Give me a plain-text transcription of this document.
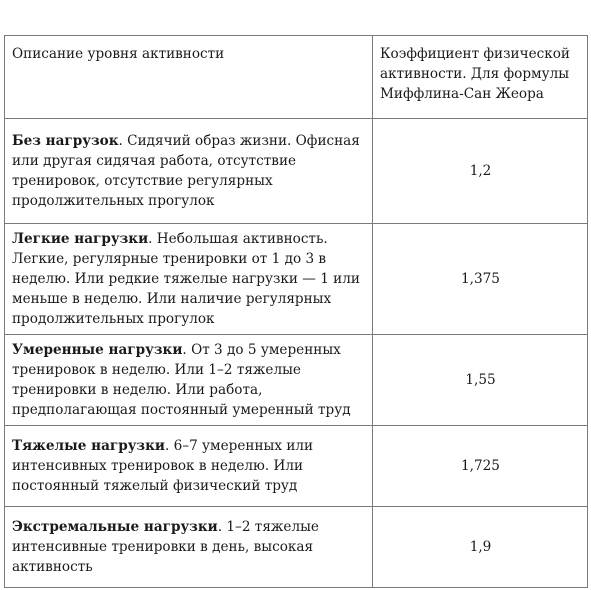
Описание уровня активности	Коэффициент физической активности. Для формулы Миффлина-Сан Жеора
Без нагрузок. Сидячий образ жизни. Офисная или другая сидячая работа, отсутствие тренировок, отсутствие регулярных продолжительных прогулок	1,2
Легкие нагрузки. Небольшая активность. Легкие, регулярные тренировки от 1 до 3 в неделю. Или редкие тяжелые нагрузки — 1 или меньше в неделю. Или наличие регулярных продолжительных прогулок	1,375
Умеренные нагрузки. От 3 до 5 умеренных тренировок в неделю. Или 1–2 тяжелые тренировки в неделю. Или работа, предполагающая постоянный умеренный труд	1,55
Тяжелые нагрузки. 6–7 умеренных или интенсивных тренировок в неделю. Или постоянный тяжелый физический труд	1,725
Экстремальные нагрузки. 1–2 тяжелые интенсивные тренировки в день, высокая активность	1,9
